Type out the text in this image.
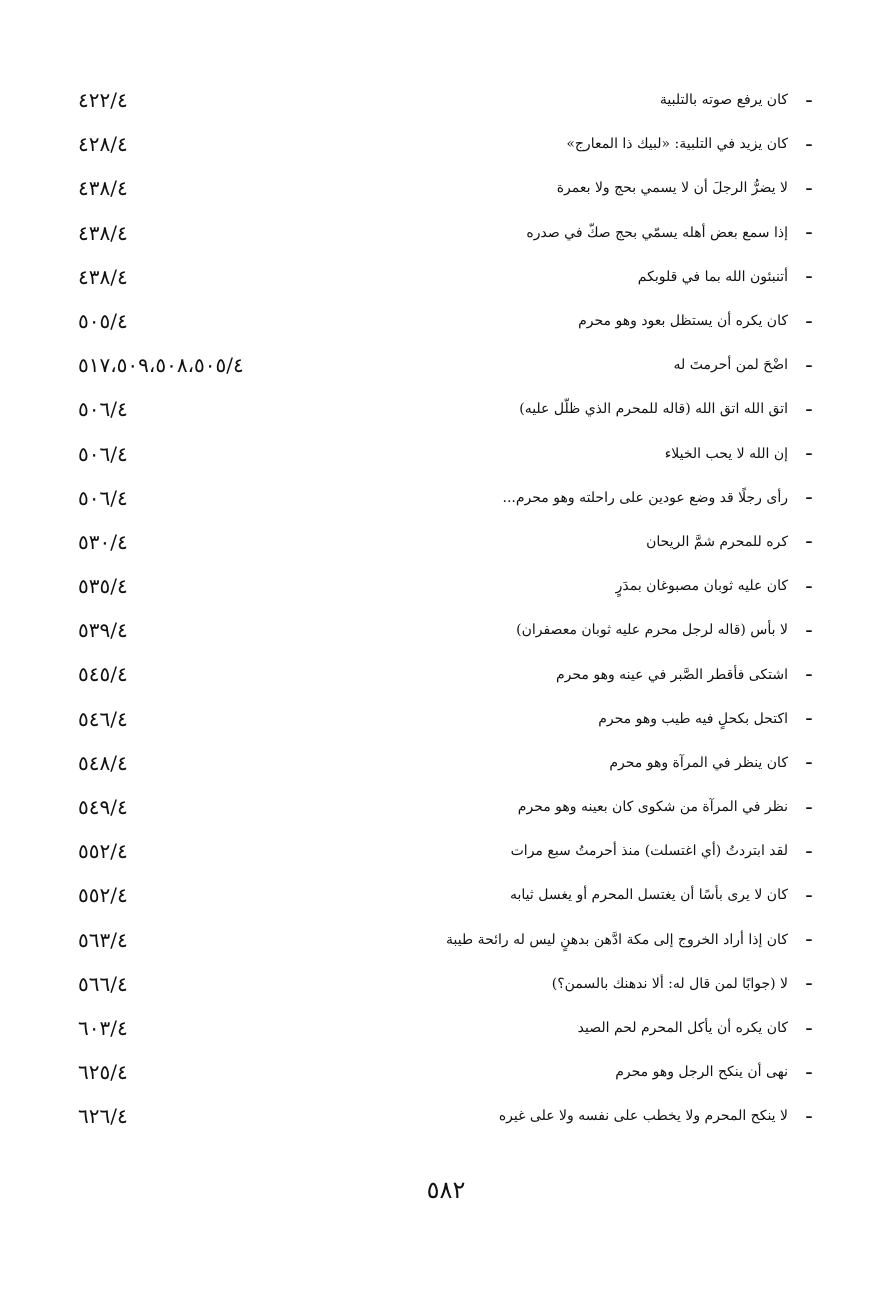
-
كان يرفع صوته بالتلبية
٤٢٢/٤
-
كان يزيد في التلبية: «لبيك ذا المعارج»
٤٢٨/٤
-
لا يضرُّ الرجلَ أن لا يسمي بحج ولا بعمرة
٤٣٨/٤
-
إذا سمع بعض أهله يسمّي بحج صكّ في صدره
٤٣٨/٤
-
أتنبئون الله بما في قلوبكم
٤٣٨/٤
-
كان يكره أن يستظل بعود وهو محرم
٥٠٥/٤
-
اضْحَ لمن أحرمتَ له
٥١٧،٥٠٩،٥٠٨،٥٠٥/٤
-
اتق الله اتق الله (قاله للمحرم الذي ظلّل عليه)
٥٠٦/٤
-
إن الله لا يحب الخيلاء
٥٠٦/٤
-
رأى رجلًا قد وضع عودين على راحلته وهو محرم...
٥٠٦/٤
-
كره للمحرم شمَّ الريحان
٥٣٠/٤
-
كان عليه ثوبان مصبوغان بمدَرٍ
٥٣٥/٤
-
لا بأس (قاله لرجل محرم عليه ثوبان معصفران)
٥٣٩/٤
-
اشتكى فأقطر الصَّبر في عينه وهو محرم
٥٤٥/٤
-
اكتحل بكحلٍ فيه طيب وهو محرم
٥٤٦/٤
-
كان ينظر في المرآة وهو محرم
٥٤٨/٤
-
نظر في المرآة من شكوى كان بعينه وهو محرم
٥٤٩/٤
-
لقد ابتردتُ (أي اغتسلت) منذ أحرمتُ سبع مرات
٥٥٢/٤
-
كان لا يرى بأسًا أن يغتسل المحرم أو يغسل ثيابه
٥٥٢/٤
-
كان إذا أراد الخروج إلى مكة ادَّهن بدهنٍ ليس له رائحة طيبة
٥٦٣/٤
-
لا (جوابًا لمن قال له: ألا ندهنك بالسمن؟)
٥٦٦/٤
-
كان يكره أن يأكل المحرم لحم الصيد
٦٠٣/٤
-
نهى أن ينكح الرجل وهو محرم
٦٢٥/٤
-
لا ينكح المحرم ولا يخطب على نفسه ولا على غيره
٦٢٦/٤
٥٨٢
